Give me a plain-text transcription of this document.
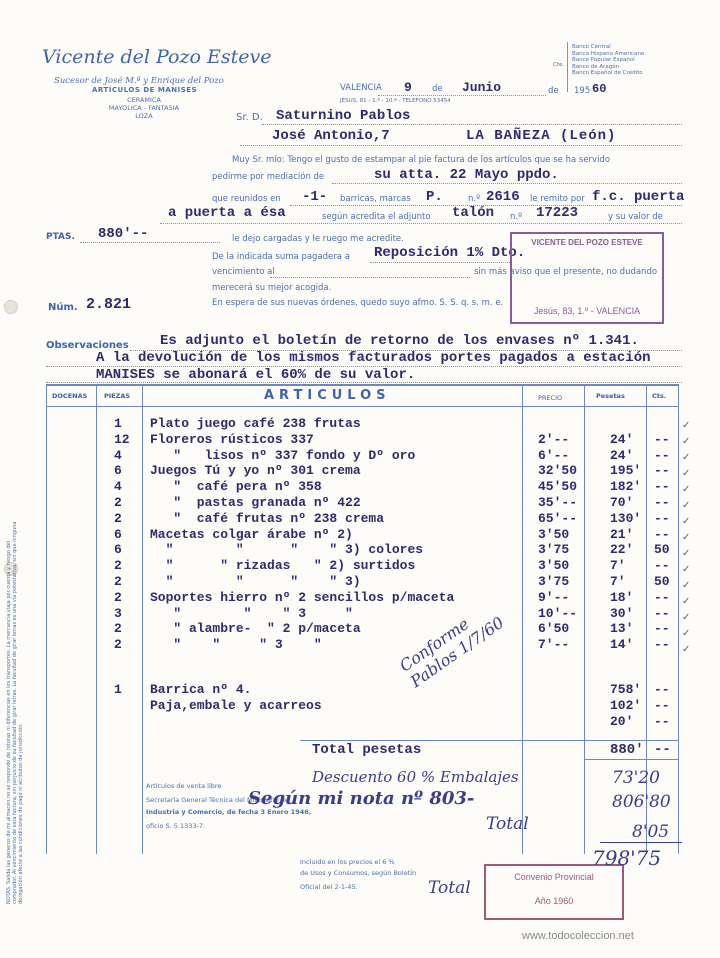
Vicente del Pozo Esteve
Sucesor de José M.ª y Enrique del Pozo
ARTICULOS DE MANISES
CERAMICA
MAYOLICA - FANTASIA
LOZA
Cte.
Banco Central
Banco Hispano Americano
Banco Popular Español
Banco de Aragón
Banco Español de Crédito
VALENCIA 9 de Junio	de 195 60
JESUS, 81 - 1.º - 10.ª - TELEFONO 53454
Sr. D. Saturnino Pablos
José Antonio,7	LA BAÑEZA (León)
Muy Sr. mío: Tengo el gusto de estampar al pie factura de los artículos que se ha servido
pedirme por mediación de	su atta. 22 Mayo ppdo.
que reunidos en -1- barricas, marcas P.	n.º 2616 le remito por f.c. puerta
a puerta a ésa	según acredita el adjunto talón n.º 17223	y su valor de
PTAS. 880'--	le dejo cargadas y le ruego me acredite.
De la indicada suma pagadera a Reposición 1% Dto.
vencimiento al	sin más aviso que el presente, no dudando
merecerá su mejor acogida.
En espera de sus nuevas órdenes, quedo suyo afmo. S. S. q. s. m. e.
Núm. 2.821
VICENTE DEL POZO ESTEVE
Jesús, 83, 1.º - VALENCIA
Observaciones Es adjunto el boletín de retorno de los envases nº 1.341.
A la devolución de los mismos facturados portes pagados a estación
MANISES se abonará el 60% de su valor.
DOCENAS	PIEZAS	ARTICULOS	PRECIO	Pesetas	Cts.
1 Plato juego café 238 frutas
12 Floreros rústicos 337	2'--	24' --
4 "   lisos nº 337 fondo y Dº oro	6'--	24' --
6 Juegos Tú y yo nº 301 crema	32'50	195' --
4 "  café pera nº 358	45'50	182' --
2 "  pastas granada nº 422	35'--	70' --
2 "  café frutas nº 238 crema	65'--	130' --
6 Macetas colgar árabe nº 2)	3'50	21' --
6 "        "      "    " 3) colores	3'75	22' 50
2 "      " rizadas   " 2) surtidos	3'50	7' --
2 "        "      "    " 3)	3'75	7' 50
2 Soportes hierro nº 2 sencillos p/maceta	9'--	18' --
3 "        "    " 3     "	10'--	30' --
2 " alambre-  " 2 p/maceta	6'50	13' --
2 "    "     " 3    "	7'--	14' --
1 Barrica nº 4.	758' --
Paja,embale y acarreos	102' --
20' --
Total pesetas	880' --
Artículos de venta libre
Secretaría General Técnica del Ministerio de
Industria y Comercio, de fecha 3 Enero 1946,
oficio S. 5.1333-7.
Incluido en los precios el 6 %
de Usos y Consumos, según Boletín
Oficial del 2-1-45.
Convenio Provincial
Año 1960
NOTAS. Salida las géneros de mi almacén no se responde de roturas ni diferencias en los transportes. La mercancía viaja por cuenta y riesgo del comprador. Al vencimiento de esta factura, sin perjuicio de su facultad de girar letras. La facultad de girar letras es una vía potestativa, sin que ninguna derogación afecte a las condiciones de pago ni atributos de jurisdicción.	Descuento 60 % Embalajes	73'20
Según mi nota nº 803-	806'80
Total	8'05
Total
798'75
Conforme Pablos 1/7/60
✓
✓
✓
✓
✓
✓
✓
✓
✓
✓
✓
✓
✓
✓
✓
www.todocoleccion.net
